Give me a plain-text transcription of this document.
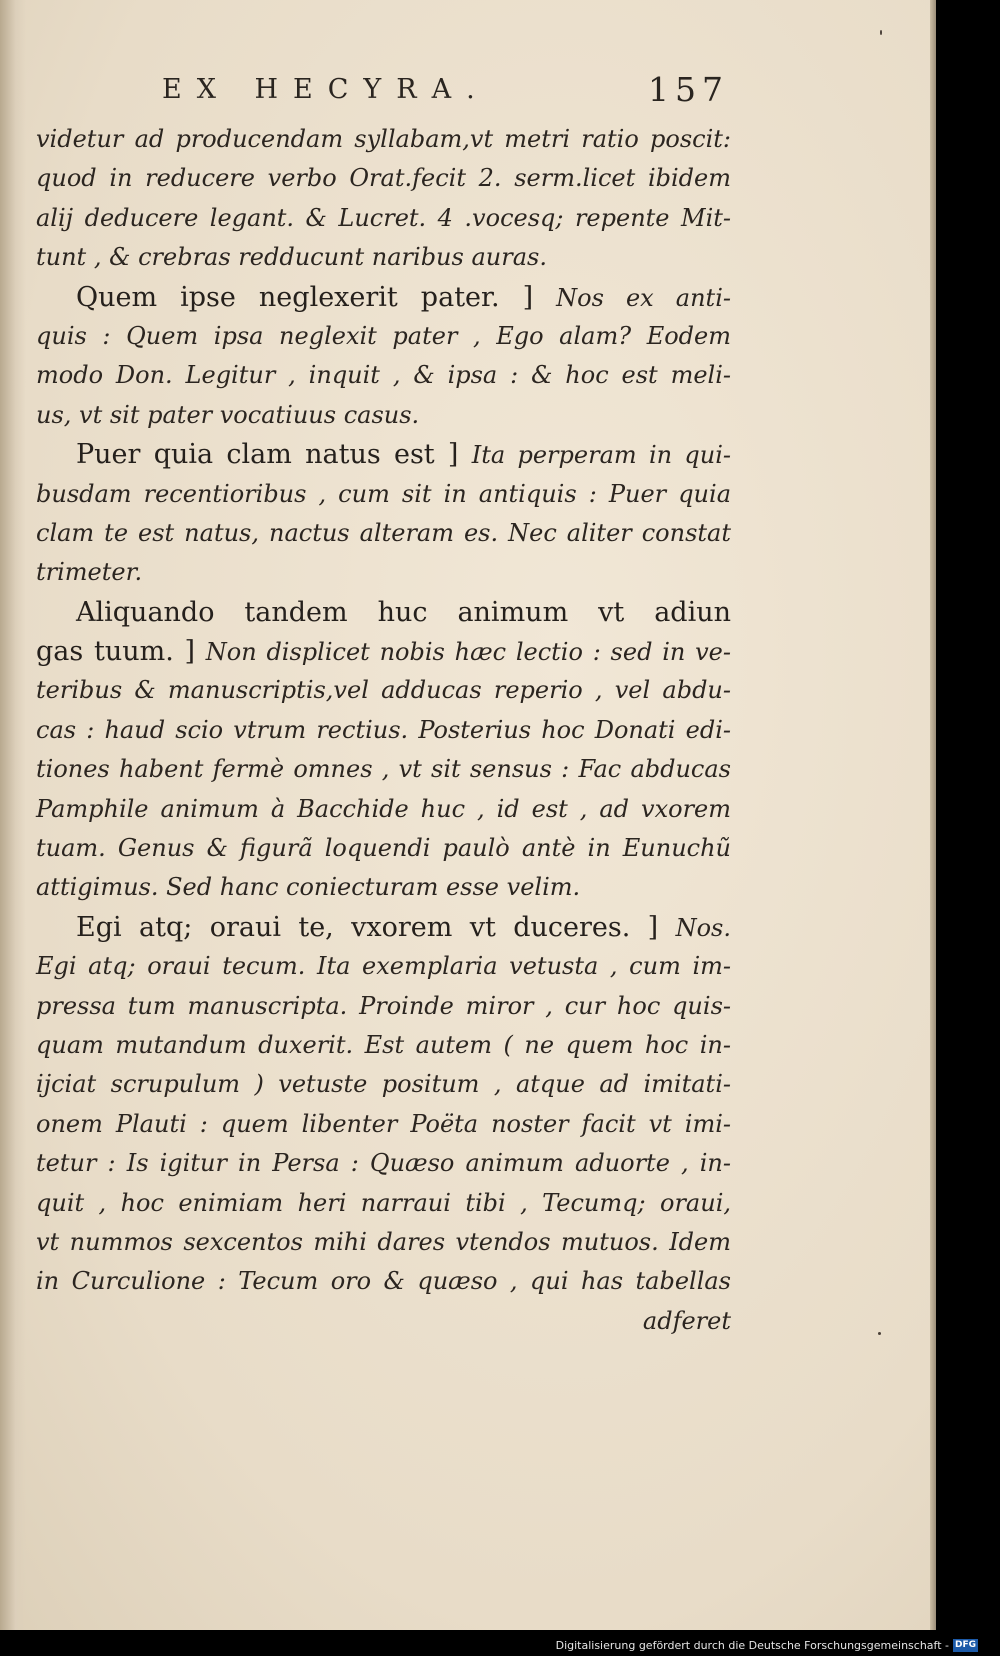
EX HECYRA.	157
videtur ad producendam syllabam,vt metri ratio poscit:
quod in reducere verbo Orat.fecit 2. serm.licet ibidem
alij deducere legant. & Lucret. 4 .vocesq; repente Mit-
tunt , & crebras redducunt naribus auras.
Quem ipse neglexerit pater. ] Nos ex anti-
quis : Quem ipsa neglexit pater , Ego alam? Eodem
modo Don. Legitur , inquit , & ipsa : & hoc est meli-
us, vt sit pater vocatiuus casus.
Puer quia clam natus est ] Ita perperam in qui-
busdam recentioribus , cum sit in antiquis : Puer quia
clam te est natus, nactus alteram es. Nec aliter constat
trimeter.
Aliquando tandem huc animum vt adiun
gas tuum. ] Non displicet nobis hæc lectio : sed in ve-
teribus & manuscriptis,vel adducas reperio , vel abdu-
cas : haud scio vtrum rectius. Posterius hoc Donati edi-
tiones habent fermè omnes , vt sit sensus : Fac abducas
Pamphile animum à Bacchide huc , id est , ad vxorem
tuam. Genus & figurã loquendi paulò antè in Eunuchũ
attigimus. Sed hanc coniecturam esse velim.
Egi atq; oraui te, vxorem vt duceres. ] Nos.
Egi atq; oraui tecum. Ita exemplaria vetusta , cum im-
pressa tum manuscripta. Proinde miror , cur hoc quis-
quam mutandum duxerit. Est autem ( ne quem hoc in-
ijciat scrupulum ) vetuste positum , atque ad imitati-
onem Plauti : quem libenter Poëta noster facit vt imi-
tetur : Is igitur in Persa : Quæso animum aduorte , in-
quit , hoc enimiam heri narraui tibi , Tecumq; oraui,
vt nummos sexcentos mihi dares vtendos mutuos. Idem
in Curculione : Tecum oro & quæso , qui has tabellas
adferet
Digitalisierung gefördert durch die Deutsche Forschungsgemeinschaft - DFG
